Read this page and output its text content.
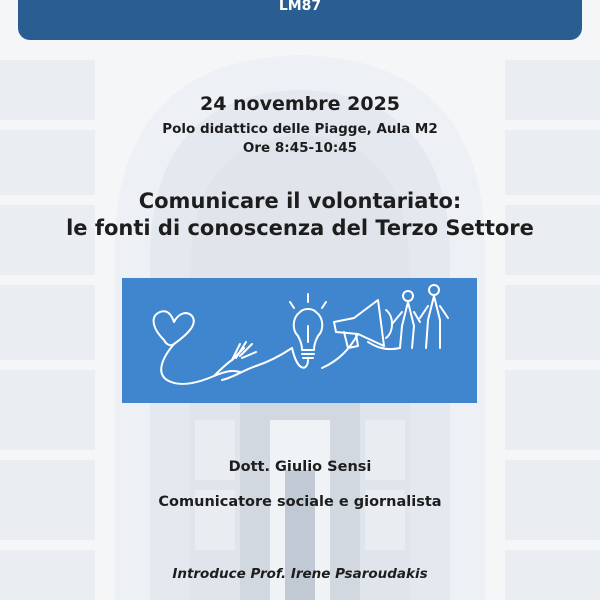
LM87
24 novembre 2025
Polo didattico delle Piagge, Aula M2
Ore 8:45-10:45
Comunicare il volontariato:
le fonti di conoscenza del Terzo Settore
Dott. Giulio Sensi
Comunicatore sociale e giornalista
Introduce Prof. Irene Psaroudakis
